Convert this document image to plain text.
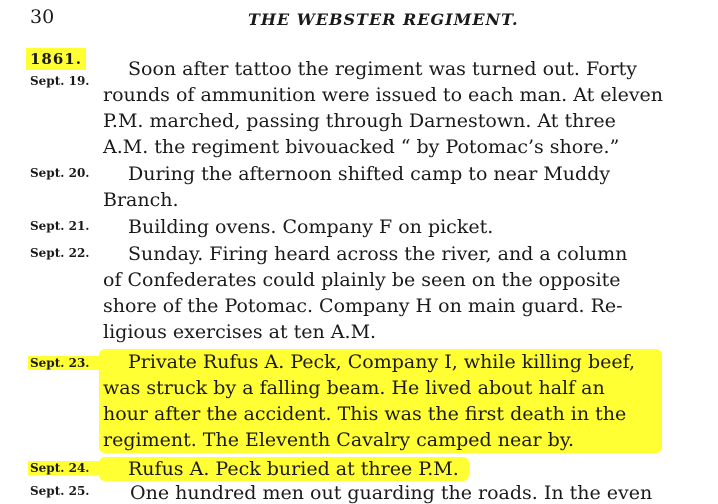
30	THE WEBSTER REGIMENT.
1861.
Sept. 19.
Soon after tattoo the regiment was turned out. Forty
rounds of ammunition were issued to each man. At eleven
P.M. marched, passing through Darnestown. At three
A.M. the regiment bivouacked “ by Potomac’s shore.”
Sept. 20. During the afternoon shifted camp to near Muddy
Branch.
Sept. 21. Building ovens. Company F on picket.
Sept. 22. Sunday. Firing heard across the river, and a column
of Confederates could plainly be seen on the opposite
shore of the Potomac. Company H on main guard. Re-
ligious exercises at ten A.M.
Sept. 23.	Private Rufus A. Peck, Company I, while killing beef,
was struck by a falling beam. He lived about half an
hour after the accident. This was the first death in the
regiment. The Eleventh Cavalry camped near by.
Sept. 24.	Rufus A. Peck buried at three P.M.
Sept. 25. One hundred men out guarding the roads. In the even
